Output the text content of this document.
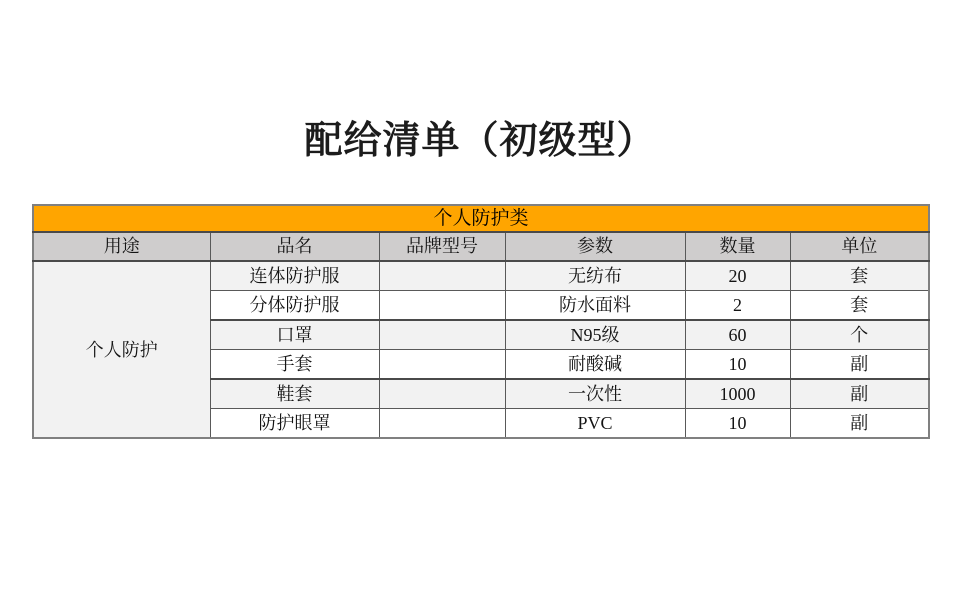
配给清单（初级型）
个人防护类					
用途	品名	品牌型号	参数	数量	单位
个人防护	连体防护服		无纺布	20	套
	分体防护服		防水面料	2	套
	口罩		N95级	60	个
	手套		耐酸碱	10	副
	鞋套		一次性	1000	副
	防护眼罩		PVC	10	副
